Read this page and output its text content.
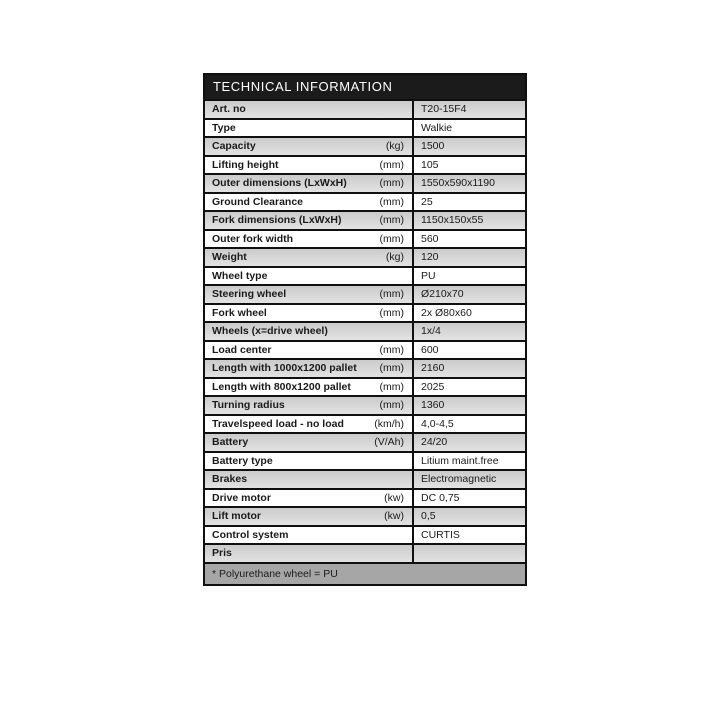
TECHNICAL INFORMATION
Art. no	T20-15F4
Type	Walkie
Capacity	(kg)	1500
Lifting height	(mm)	105
Outer dimensions (LxWxH)	(mm)	1550x590x1190
Ground Clearance	(mm)	25
Fork dimensions (LxWxH)	(mm)	1150x150x55
Outer fork width	(mm)	560
Weight	(kg)	120
Wheel type	PU
Steering wheel	(mm)	Ø210x70
Fork wheel	(mm)	2x Ø80x60
Wheels (x=drive wheel)	1x/4
Load center	(mm)	600
Length with 1000x1200 pallet	(mm)	2160
Length with 800x1200 pallet	(mm)	2025
Turning radius	(mm)	1360
Travelspeed load - no load	(km/h)	4,0-4,5
Battery	(V/Ah)	24/20
Battery type	Litium maint.free
Brakes	Electromagnetic
Drive motor	(kw)	DC 0,75
Lift motor	(kw)	0,5
Control system	CURTIS
Pris
* Polyurethane wheel = PU
